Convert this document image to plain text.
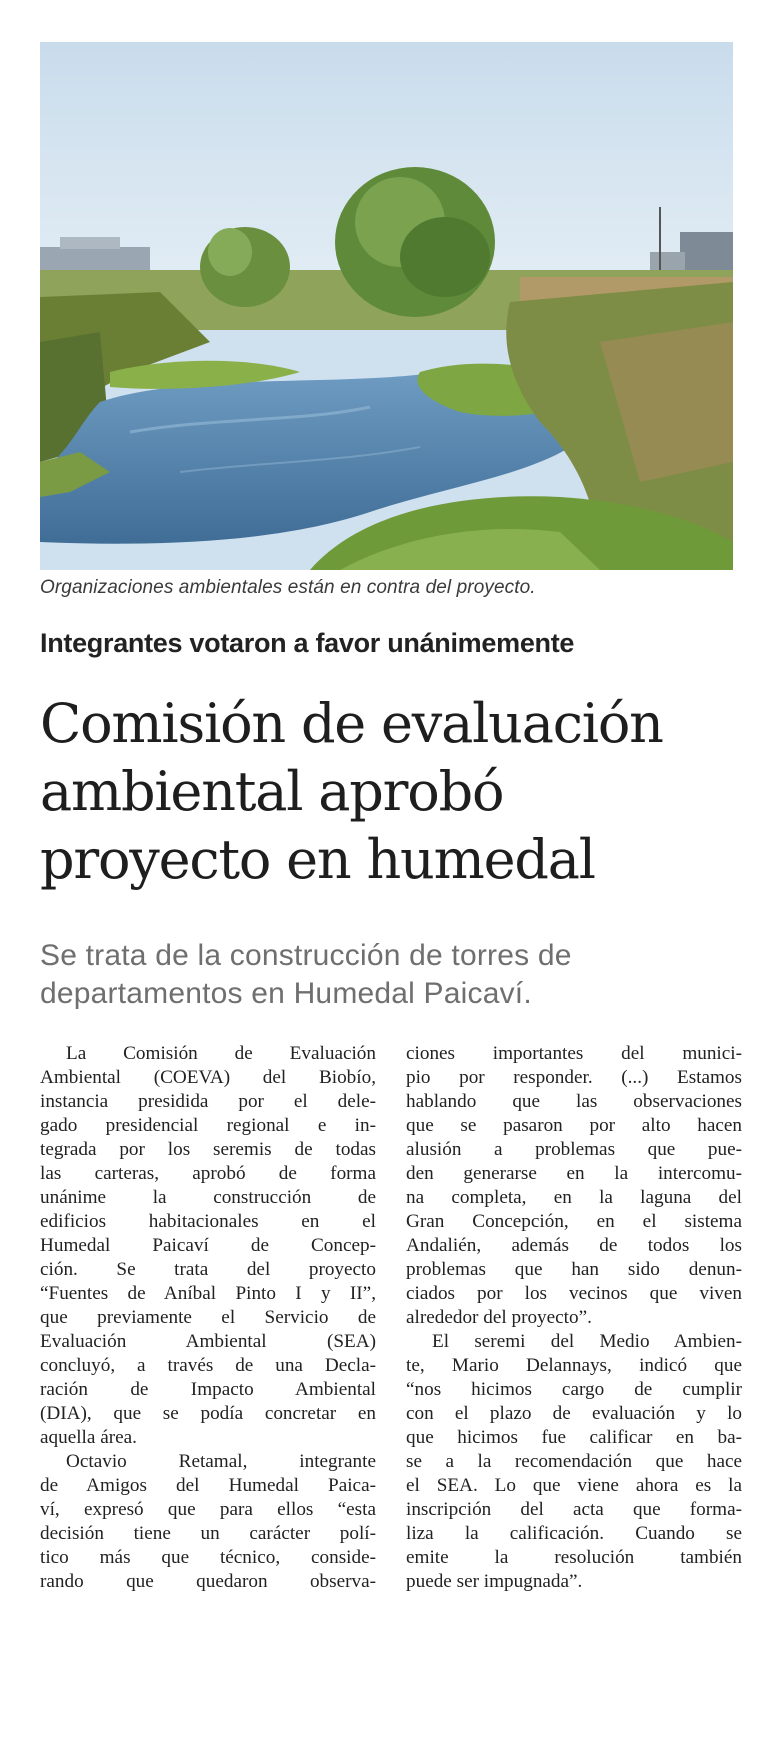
Organizaciones ambientales están en contra del proyecto.
Integrantes votaron a favor unánimemente
Comisión de evaluación
ambiental aprobó
proyecto en humedal
Se trata de la construcción de torres de
departamentos en Humedal Paicaví.
La Comisión de Evaluación
Ambiental (COEVA) del Biobío,
instancia presidida por el dele-
gado presidencial regional e in-
tegrada por los seremis de todas
las carteras, aprobó de forma
unánime la construcción de
edificios habitacionales en el
Humedal Paicaví de Concep-
ción. Se trata del proyecto
“Fuentes de Aníbal Pinto I y II”,
que previamente el Servicio de
Evaluación Ambiental (SEA)
concluyó, a través de una Decla-
ración de Impacto Ambiental
(DIA), que se podía concretar en
aquella área.
Octavio Retamal, integrante
de Amigos del Humedal Paica-
ví, expresó que para ellos “esta
decisión tiene un carácter polí-
tico más que técnico, conside-
rando que quedaron observa-
ciones importantes del munici-
pio por responder. (...) Estamos
hablando que las observaciones
que se pasaron por alto hacen
alusión a problemas que pue-
den generarse en la intercomu-
na completa, en la laguna del
Gran Concepción, en el sistema
Andalién, además de todos los
problemas que han sido denun-
ciados por los vecinos que viven
alrededor del proyecto”.
El seremi del Medio Ambien-
te, Mario Delannays, indicó que
“nos hicimos cargo de cumplir
con el plazo de evaluación y lo
que hicimos fue calificar en ba-
se a la recomendación que hace
el SEA. Lo que viene ahora es la
inscripción del acta que forma-
liza la calificación. Cuando se
emite la resolución también
puede ser impugnada”.
